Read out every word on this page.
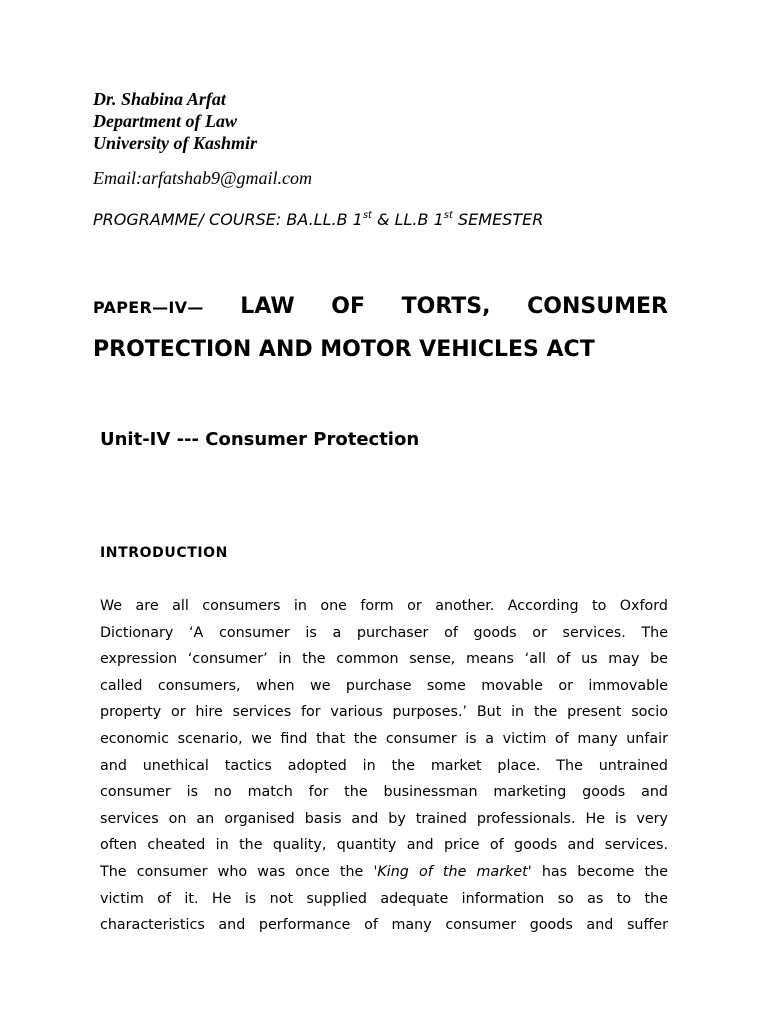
Dr. Shabina Arfat
Department of Law
University of Kashmir
Email:arfatshab9@gmail.com
PROGRAMME/ COURSE: BA.LL.B 1st & LL.B 1st SEMESTER
PAPER—IV— LAW OF TORTS, CONSUMER
PROTECTION AND MOTOR VEHICLES ACT
Unit-IV --- Consumer Protection
INTRODUCTION
We are all consumers in one form or another. According to Oxford
Dictionary ‘A consumer is a purchaser of goods or services. The
expression ‘consumer’ in the common sense, means ‘all of us may be
called consumers, when we purchase some movable or immovable
property or hire services for various purposes.’ But in the present socio
economic scenario, we find that the consumer is a victim of many unfair
and unethical tactics adopted in the market place. The untrained
consumer is no match for the businessman marketing goods and
services on an organised basis and by trained professionals. He is very
often cheated in the quality, quantity and price of goods and services.
The consumer who was once the 'King of the market' has become the
victim of it. He is not supplied adequate information so as to the
characteristics and performance of many consumer goods and suffer
